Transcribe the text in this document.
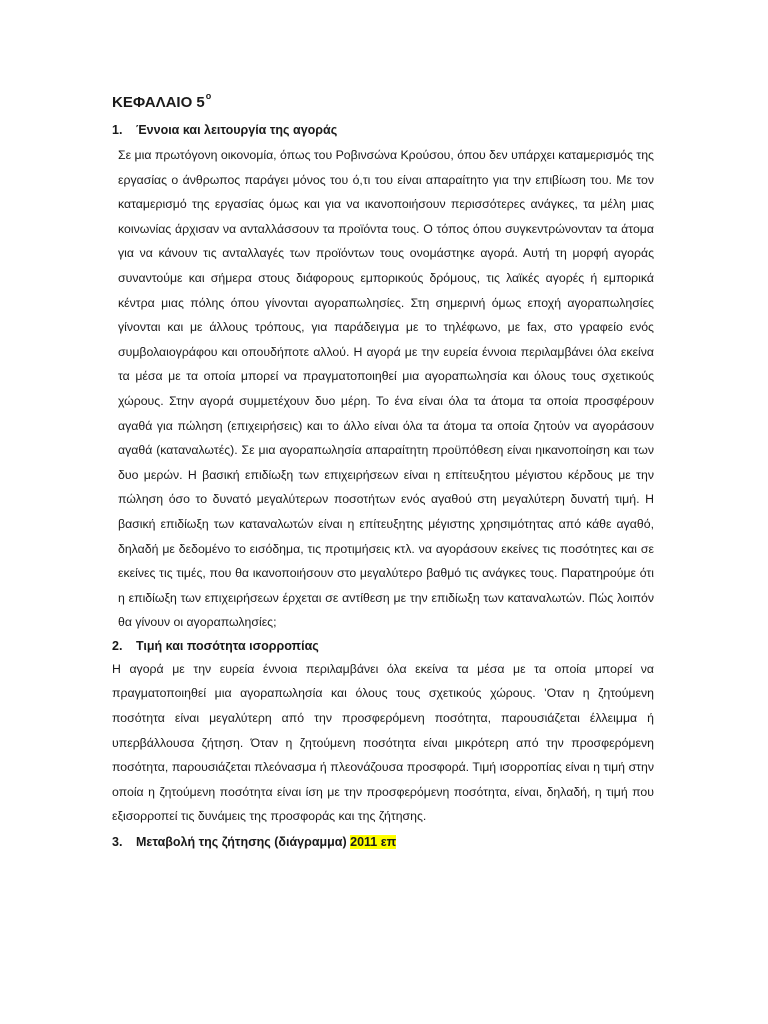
ΚΕΦΑΛΑΙΟ $5^o$
1.	Έννοια και λειτουργία της αγοράς

Σε μια πρωτόγονη οικονομία, όπως του Ροβινσώνα Κρούσου, όπου δεν υπάρχει καταμερισμός της εργασίας ο άνθρωπος παράγει μόνος του ό,τι του είναι απαραίτητο για την επιβίωση του. Με τον καταμερισμό της εργασίας όμως και για να ικανοποιήσουν περισσότερες ανάγκες, τα μέλη μιας κοινωνίας άρχισαν να ανταλλάσσουν τα προϊόντα τους. Ο τόπος όπου συγκεντρώνονταν τα άτομα για να κάνουν τις ανταλλαγές των προϊόντων τους ονομάστηκε αγορά. Αυτή τη μορφή αγοράς συναντούμε και σήμερα στους διάφορους εμπορικούς δρόμους, τις λαϊκές αγορές ή εμπορικά κέντρα μιας πόλης όπου γίνονται αγοραπωλησίες. Στη σημερινή όμως εποχή αγοραπωλησίες γίνονται και με άλλους τρόπους, για παράδειγμα με το τηλέφωνο, με fax, στο γραφείο ενός συμβολαιογράφου και οπουδήποτε αλλού. Η αγορά με την ευρεία έννοια περιλαμβάνει όλα εκείνα τα μέσα με τα οποία μπορεί να πραγματοποιηθεί μια αγοραπωλησία και όλους τους σχετικούς χώρους. Στην αγορά συμμετέχουν δυο μέρη. Το ένα είναι όλα τα άτομα τα οποία προσφέρουν αγαθά για πώληση (επιχειρήσεις) και το άλλο είναι όλα τα άτομα τα οποία ζητούν να αγοράσουν αγαθά (καταναλωτές). Σε μια αγοραπωλησία απαραίτητη προϋπόθεση είναι ηικανοποίηση και των δυο μερών. Η βασική επιδίωξη των επιχειρήσεων είναι η επίτευξητου μέγιστου κέρδους με την πώληση όσο το δυνατό μεγαλύτερων ποσοτήτων ενός αγαθού στη μεγαλύτερη δυνατή τιμή. Η βασική επιδίωξη των καταναλωτών είναι η επίτευξητης μέγιστης χρησιμότητας από κάθε αγαθό, δηλαδή με δεδομένο το εισόδημα, τις προτιμήσεις κτλ. να αγοράσουν εκείνες τις ποσότητες και σε εκείνες τις τιμές, που θα ικανοποιήσουν στο μεγαλύτερο βαθμό τις ανάγκες τους. Παρατηρούμε ότι η επιδίωξη των επιχειρήσεων έρχεται σε αντίθεση με την επιδίωξη των καταναλωτών. Πώς λοιπόν θα γίνουν οι αγοραπωλησίες;

2.	Τιμή και ποσότητα ισορροπίας

Η αγορά με την ευρεία έννοια περιλαμβάνει όλα εκείνα τα μέσα με τα οποία μπορεί να πραγματοποιηθεί μια αγοραπωλησία και όλους τους σχετικούς χώρους. 'Οταν η ζητούμενη ποσότητα είναι μεγαλύτερη από την προσφερόμενη ποσότητα, παρουσιάζεται έλλειμμα ή υπερβάλλουσα ζήτηση. Όταν η ζητούμενη ποσότητα είναι μικρότερη από την προσφερόμενη ποσότητα, παρουσιάζεται πλεόνασμα ή πλεονάζουσα προσφορά. Τιμή ισορροπίας είναι η τιμή στην οποία η ζητούμενη ποσότητα είναι ίση με την προσφερόμενη ποσότητα, είναι, δηλαδή, η τιμή που εξισορροπεί τις δυνάμεις της προσφοράς και της ζήτησης.

3.	Μεταβολή της ζήτησης (διάγραμμα) 2011 επ
